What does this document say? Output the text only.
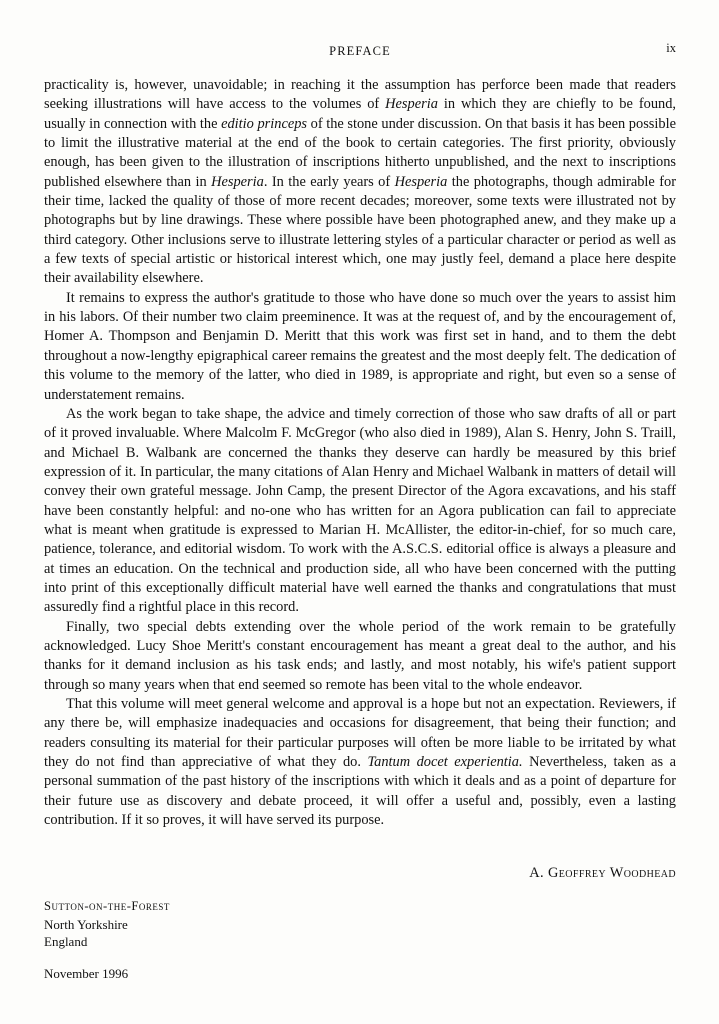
PREFACE	ix

practicality is, however, unavoidable; in reaching it the assumption has perforce been made that readers seeking illustrations will have access to the volumes of Hesperia in which they are chiefly to be found, usually in connection with the editio princeps of the stone under discussion. On that basis it has been possible to limit the illustrative material at the end of the book to certain categories. The first priority, obviously enough, has been given to the illustration of inscriptions hitherto unpublished, and the next to inscriptions published elsewhere than in Hesperia. In the early years of Hesperia the photographs, though admirable for their time, lacked the quality of those of more recent decades; moreover, some texts were illustrated not by photographs but by line drawings. These where possible have been photographed anew, and they make up a third category. Other inclusions serve to illustrate lettering styles of a particular character or period as well as a few texts of special artistic or historical interest which, one may justly feel, demand a place here despite their availability elsewhere.

It remains to express the author's gratitude to those who have done so much over the years to assist him in his labors. Of their number two claim preeminence. It was at the request of, and by the encouragement of, Homer A. Thompson and Benjamin D. Meritt that this work was first set in hand, and to them the debt throughout a now-lengthy epigraphical career remains the greatest and the most deeply felt. The dedication of this volume to the memory of the latter, who died in 1989, is appropriate and right, but even so a sense of understatement remains.

As the work began to take shape, the advice and timely correction of those who saw drafts of all or part of it proved invaluable. Where Malcolm F. McGregor (who also died in 1989), Alan S. Henry, John S. Traill, and Michael B. Walbank are concerned the thanks they deserve can hardly be measured by this brief expression of it. In particular, the many citations of Alan Henry and Michael Walbank in matters of detail will convey their own grateful message. John Camp, the present Director of the Agora excavations, and his staff have been constantly helpful: and no-one who has written for an Agora publication can fail to appreciate what is meant when gratitude is expressed to Marian H. McAllister, the editor-in-chief, for so much care, patience, tolerance, and editorial wisdom. To work with the A.S.C.S. editorial office is always a pleasure and at times an education. On the technical and production side, all who have been concerned with the putting into print of this exceptionally difficult material have well earned the thanks and congratulations that must assuredly find a rightful place in this record.

Finally, two special debts extending over the whole period of the work remain to be gratefully acknowledged. Lucy Shoe Meritt's constant encouragement has meant a great deal to the author, and his thanks for it demand inclusion as his task ends; and lastly, and most notably, his wife's patient support through so many years when that end seemed so remote has been vital to the whole endeavor.

That this volume will meet general welcome and approval is a hope but not an expectation. Reviewers, if any there be, will emphasize inadequacies and occasions for disagreement, that being their function; and readers consulting its material for their particular purposes will often be more liable to be irritated by what they do not find than appreciative of what they do. Tantum docet experientia. Nevertheless, taken as a personal summation of the past history of the inscriptions with which it deals and as a point of departure for their future use as discovery and debate proceed, it will offer a useful and, possibly, even a lasting contribution. If it so proves, it will have served its purpose.

A. Geoffrey Woodhead
Sutton-on-the-Forest
North Yorkshire
England
November 1996
